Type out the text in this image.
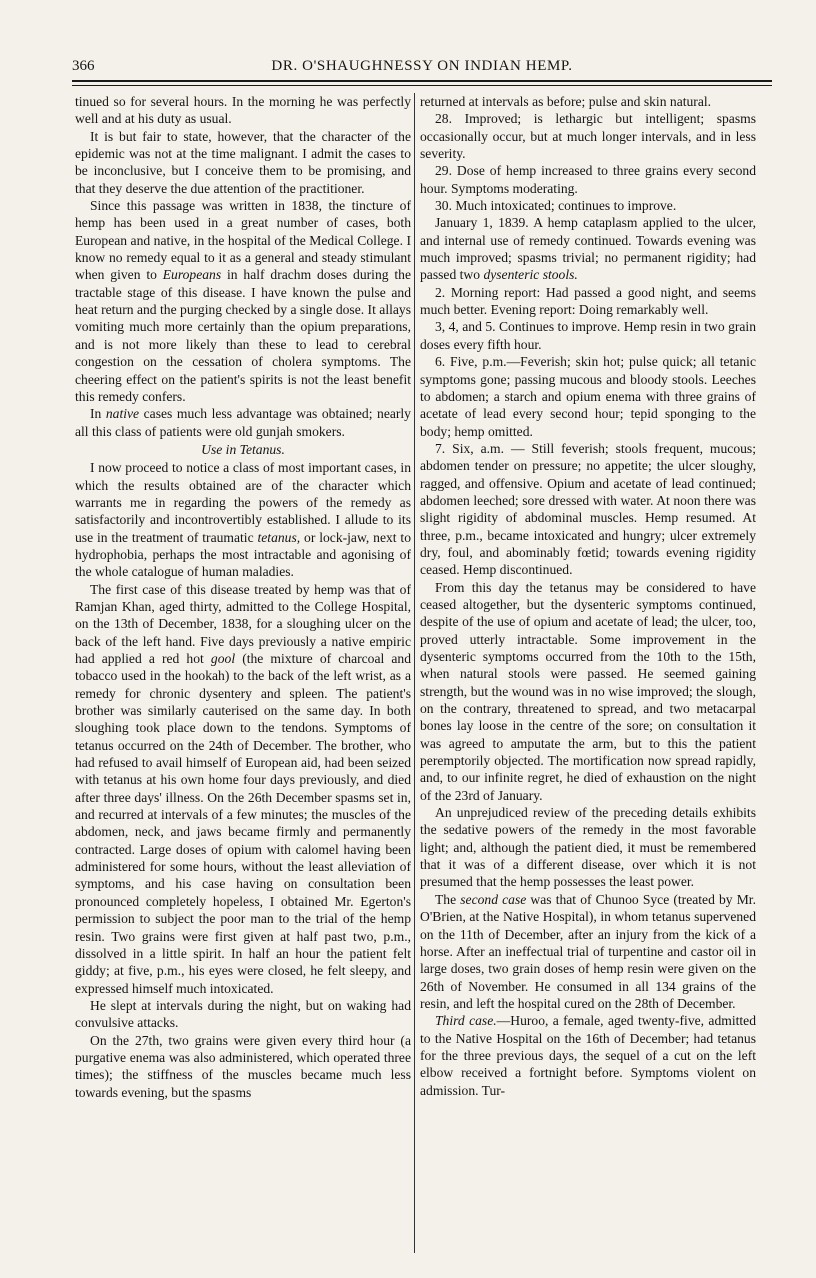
366	DR. O'SHAUGHNESSY ON INDIAN HEMP.

tinued so for several hours. In the morning he was perfectly well and at his duty as usual.

It is but fair to state, however, that the character of the epidemic was not at the time malignant. I admit the cases to be inconclusive, but I conceive them to be promising, and that they deserve the due attention of the practitioner.

Since this passage was written in 1838, the tincture of hemp has been used in a great number of cases, both European and native, in the hospital of the Medical College. I know no remedy equal to it as a general and steady stimulant when given to Europeans in half drachm doses during the tractable stage of this disease. I have known the pulse and heat return and the purging checked by a single dose. It allays vomiting much more certainly than the opium preparations, and is not more likely than these to lead to cerebral congestion on the cessation of cholera symptoms. The cheering effect on the patient's spirits is not the least benefit this remedy confers.

In native cases much less advantage was obtained; nearly all this class of patients were old gunjah smokers.

Use in Tetanus.

I now proceed to notice a class of most important cases, in which the results obtained are of the character which warrants me in regarding the powers of the remedy as satisfactorily and incontrovertibly established. I allude to its use in the treatment of traumatic tetanus, or lock-jaw, next to hydrophobia, perhaps the most intractable and agonising of the whole catalogue of human maladies.

The first case of this disease treated by hemp was that of Ramjan Khan, aged thirty, admitted to the College Hospital, on the 13th of December, 1838, for a sloughing ulcer on the back of the left hand. Five days previously a native empiric had applied a red hot gool (the mixture of charcoal and tobacco used in the hookah) to the back of the left wrist, as a remedy for chronic dysentery and spleen. The patient's brother was similarly cauterised on the same day. In both sloughing took place down to the tendons. Symptoms of tetanus occurred on the 24th of December. The brother, who had refused to avail himself of European aid, had been seized with tetanus at his own home four days previously, and died after three days' illness. On the 26th December spasms set in, and recurred at intervals of a few minutes; the muscles of the abdomen, neck, and jaws became firmly and permanently contracted. Large doses of opium with calomel having been administered for some hours, without the least alleviation of symptoms, and his case having on consultation been pronounced completely hopeless, I obtained Mr. Egerton's permission to subject the poor man to the trial of the hemp resin. Two grains were first given at half past two, p.m., dissolved in a little spirit. In half an hour the patient felt giddy; at five, p.m., his eyes were closed, he felt sleepy, and expressed himself much intoxicated.

He slept at intervals during the night, but on waking had convulsive attacks.

On the 27th, two grains were given every third hour (a purgative enema was also administered, which operated three times); the stiffness of the muscles became much less towards evening, but the spasms

returned at intervals as before; pulse and skin natural.

28. Improved; is lethargic but intelligent; spasms occasionally occur, but at much longer intervals, and in less severity.

29. Dose of hemp increased to three grains every second hour. Symptoms moderating.

30. Much intoxicated; continues to improve.

January 1, 1839. A hemp cataplasm applied to the ulcer, and internal use of remedy continued. Towards evening was much improved; spasms trivial; no permanent rigidity; had passed two dysenteric stools.

2. Morning report: Had passed a good night, and seems much better. Evening report: Doing remarkably well.

3, 4, and 5. Continues to improve. Hemp resin in two grain doses every fifth hour.

6. Five, p.m.—Feverish; skin hot; pulse quick; all tetanic symptoms gone; passing mucous and bloody stools. Leeches to abdomen; a starch and opium enema with three grains of acetate of lead every second hour; tepid sponging to the body; hemp omitted.

7. Six, a.m. — Still feverish; stools frequent, mucous; abdomen tender on pressure; no appetite; the ulcer sloughy, ragged, and offensive. Opium and acetate of lead continued; abdomen leeched; sore dressed with water. At noon there was slight rigidity of abdominal muscles. Hemp resumed. At three, p.m., became intoxicated and hungry; ulcer extremely dry, foul, and abominably fœtid; towards evening rigidity ceased. Hemp discontinued.

From this day the tetanus may be considered to have ceased altogether, but the dysenteric symptoms continued, despite of the use of opium and acetate of lead; the ulcer, too, proved utterly intractable. Some improvement in the dysenteric symptoms occurred from the 10th to the 15th, when natural stools were passed. He seemed gaining strength, but the wound was in no wise improved; the slough, on the contrary, threatened to spread, and two metacarpal bones lay loose in the centre of the sore; on consultation it was agreed to amputate the arm, but to this the patient peremptorily objected. The mortification now spread rapidly, and, to our infinite regret, he died of exhaustion on the night of the 23rd of January.

An unprejudiced review of the preceding details exhibits the sedative powers of the remedy in the most favorable light; and, although the patient died, it must be remembered that it was of a different disease, over which it is not presumed that the hemp possesses the least power.

The second case was that of Chunoo Syce (treated by Mr. O'Brien, at the Native Hospital), in whom tetanus supervened on the 11th of December, after an injury from the kick of a horse. After an ineffectual trial of turpentine and castor oil in large doses, two grain doses of hemp resin were given on the 26th of November. He consumed in all 134 grains of the resin, and left the hospital cured on the 28th of December.

Third case.—Huroo, a female, aged twenty-five, admitted to the Native Hospital on the 16th of December; had tetanus for the three previous days, the sequel of a cut on the left elbow received a fortnight before. Symptoms violent on admission. Tur-
